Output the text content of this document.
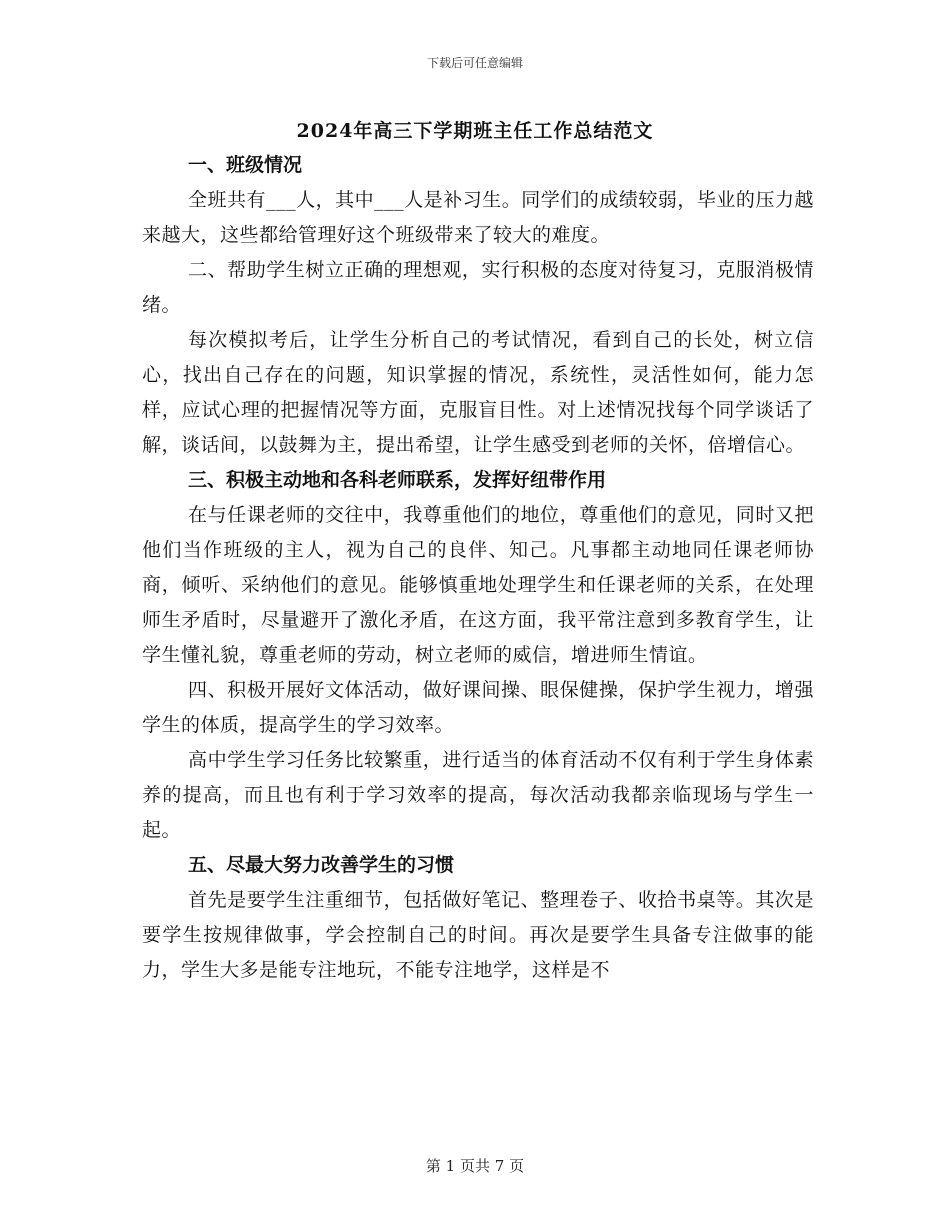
下载后可任意编辑
2024年高三下学期班主任工作总结范文

一、班级情况

全班共有___人，其中___人是补习生。同学们的成绩较弱，毕业的压力越来越大，这些都给管理好这个班级带来了较大的难度。

二、帮助学生树立正确的理想观，实行积极的态度对待复习，克服消极情绪。

每次模拟考后，让学生分析自己的考试情况，看到自己的长处，树立信心，找出自己存在的问题，知识掌握的情况，系统性，灵活性如何，能力怎样，应试心理的把握情况等方面，克服盲目性。对上述情况找每个同学谈话了解，谈话间，以鼓舞为主，提出希望，让学生感受到老师的关怀，倍增信心。

三、积极主动地和各科老师联系，发挥好纽带作用

在与任课老师的交往中，我尊重他们的地位，尊重他们的意见，同时又把他们当作班级的主人，视为自己的良伴、知己。凡事都主动地同任课老师协商，倾听、采纳他们的意见。能够慎重地处理学生和任课老师的关系，在处理师生矛盾时，尽量避开了激化矛盾，在这方面，我平常注意到多教育学生，让学生懂礼貌，尊重老师的劳动，树立老师的威信，增进师生情谊。

四、积极开展好文体活动，做好课间操、眼保健操，保护学生视力，增强学生的体质，提高学生的学习效率。

高中学生学习任务比较繁重，进行适当的体育活动不仅有利于学生身体素养的提高，而且也有利于学习效率的提高，每次活动我都亲临现场与学生一起。

五、尽最大努力改善学生的习惯

首先是要学生注重细节，包括做好笔记、整理卷子、收拾书桌等。其次是要学生按规律做事，学会控制自己的时间。再次是要学生具备专注做事的能力，学生大多是能专注地玩，不能专注地学，这样是不

第 1 页共 7 页
